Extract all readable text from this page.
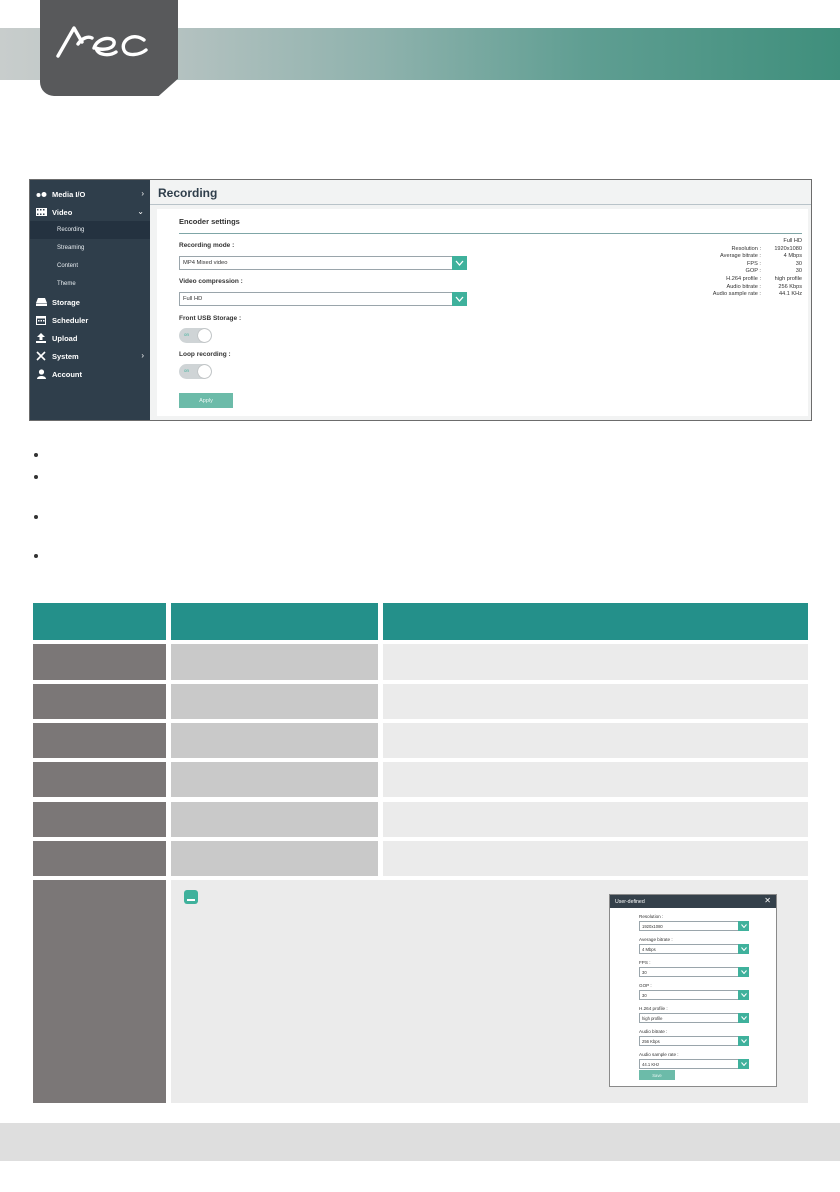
Media I/O	›
Video	⌄
Recording
Streaming
Content
Theme
Storage
Scheduler
Upload
System	›
Account
Recording
Encoder settings
Recording mode :
MP4 Mixed video
Video compression :
Full HD
Front USB Storage :
on
Loop recording :
on
Apply
Full HD
Resolution :	1920x1080
Average bitrate :	4 Mbps
FPS :	30
GOP :	30
H.264 profile :	high profile
Audio bitrate :	256 Kbps
Audio sample rate :	44.1 KHz
User-defined	✕
Resolution :
1920x1080
Average bitrate :
4 Mbps
FPS :
30
GOP :
30
H.264 profile :
high profile
Audio bitrate :
256 Kbps
Audio sample rate :
44.1 KHz
Save
